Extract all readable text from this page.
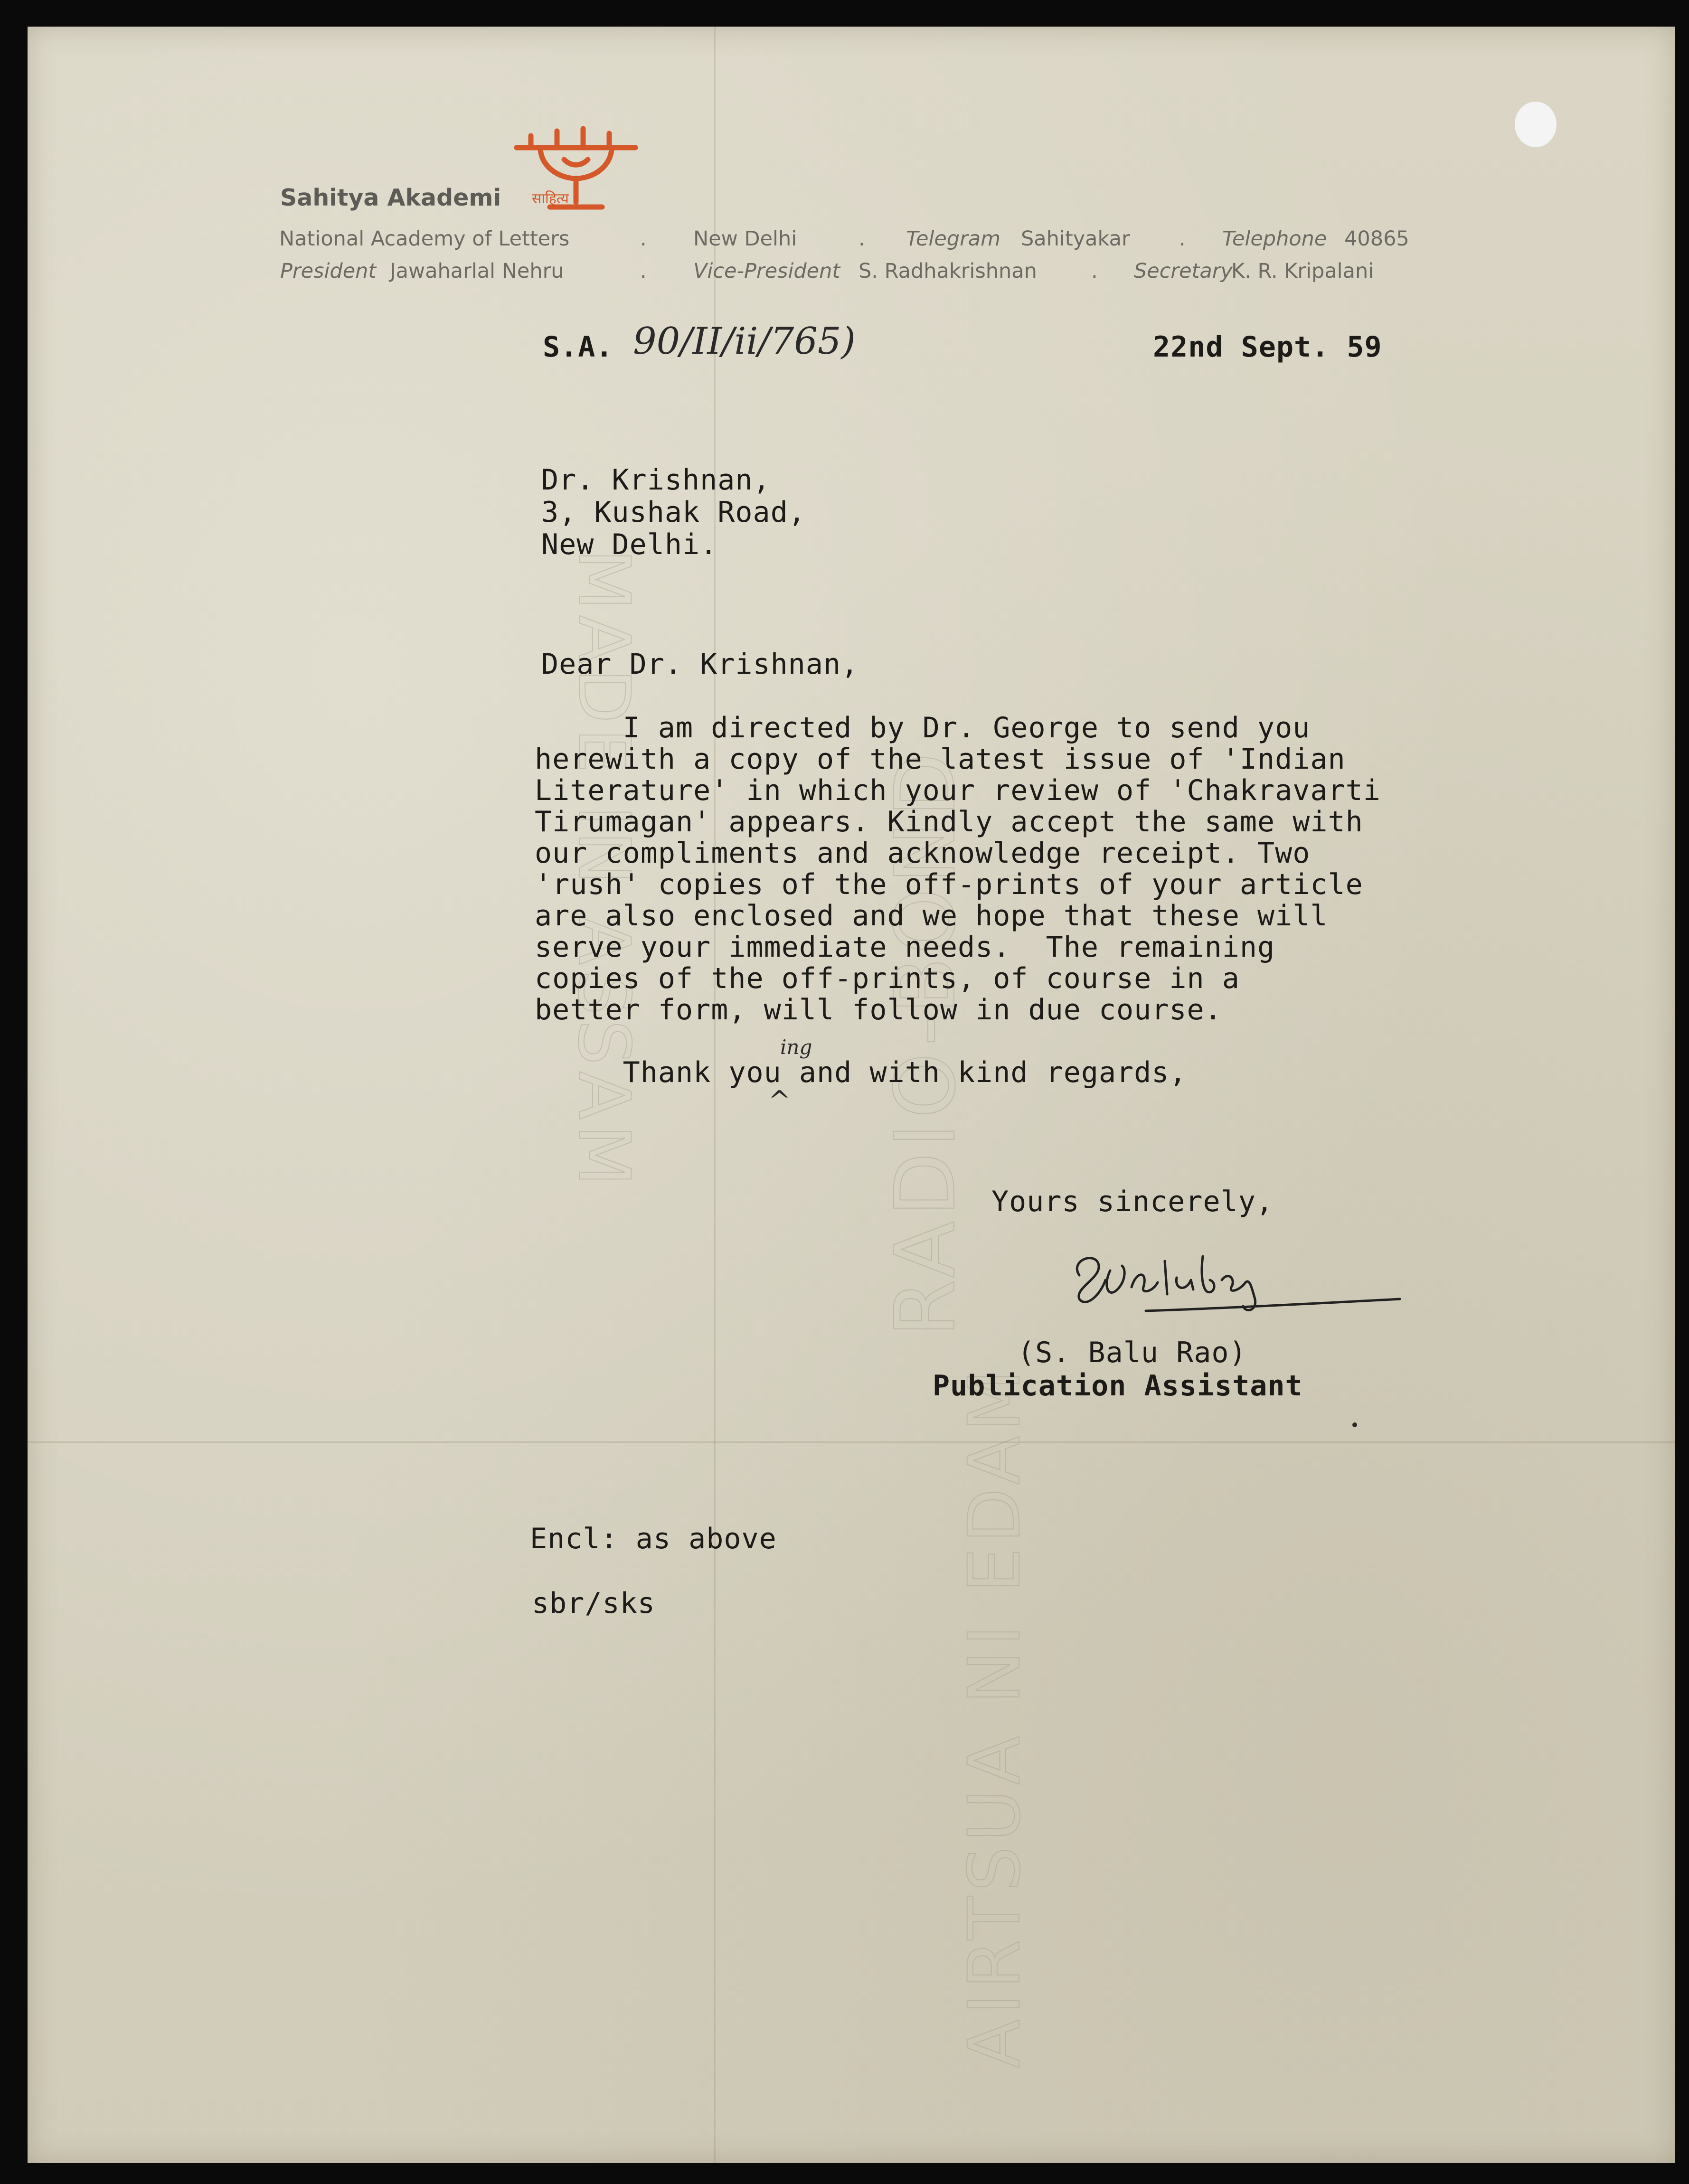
MADE IN ASSAM	RADIO-BOND
AIRTSUA NI EDAM
साहित्य
Sahitya Akademi
National Academy of Letters	. New Delhi	. Telegram Sahityakar . Telephone 40865
President Jawaharlal Nehru	. Vice-President S. Radhakrishnan	. Secretary
K. R. Kripalani
S.A. 90/II/ii/765)	22nd Sept. 59
Dr. Krishnan,
3, Kushak Road,
New Delhi.
Dear Dr. Krishnan,
I am directed by Dr. George to send you
herewith a copy of the latest issue of 'Indian
Literature' in which your review of 'Chakravarti
Tirumagan' appears. Kindly accept the same with
our compliments and acknowledge receipt. Two
'rush' copies of the off-prints of your article
are also enclosed and we hope that these will
serve your immediate needs.  The remaining
copies of the off-prints, of course in a
better form, will follow in due course.
Thank you and with kind regards,
ing
^
Yours sincerely,
(S. Balu Rao)
Publication Assistant
Encl: as above
sbr/sks
